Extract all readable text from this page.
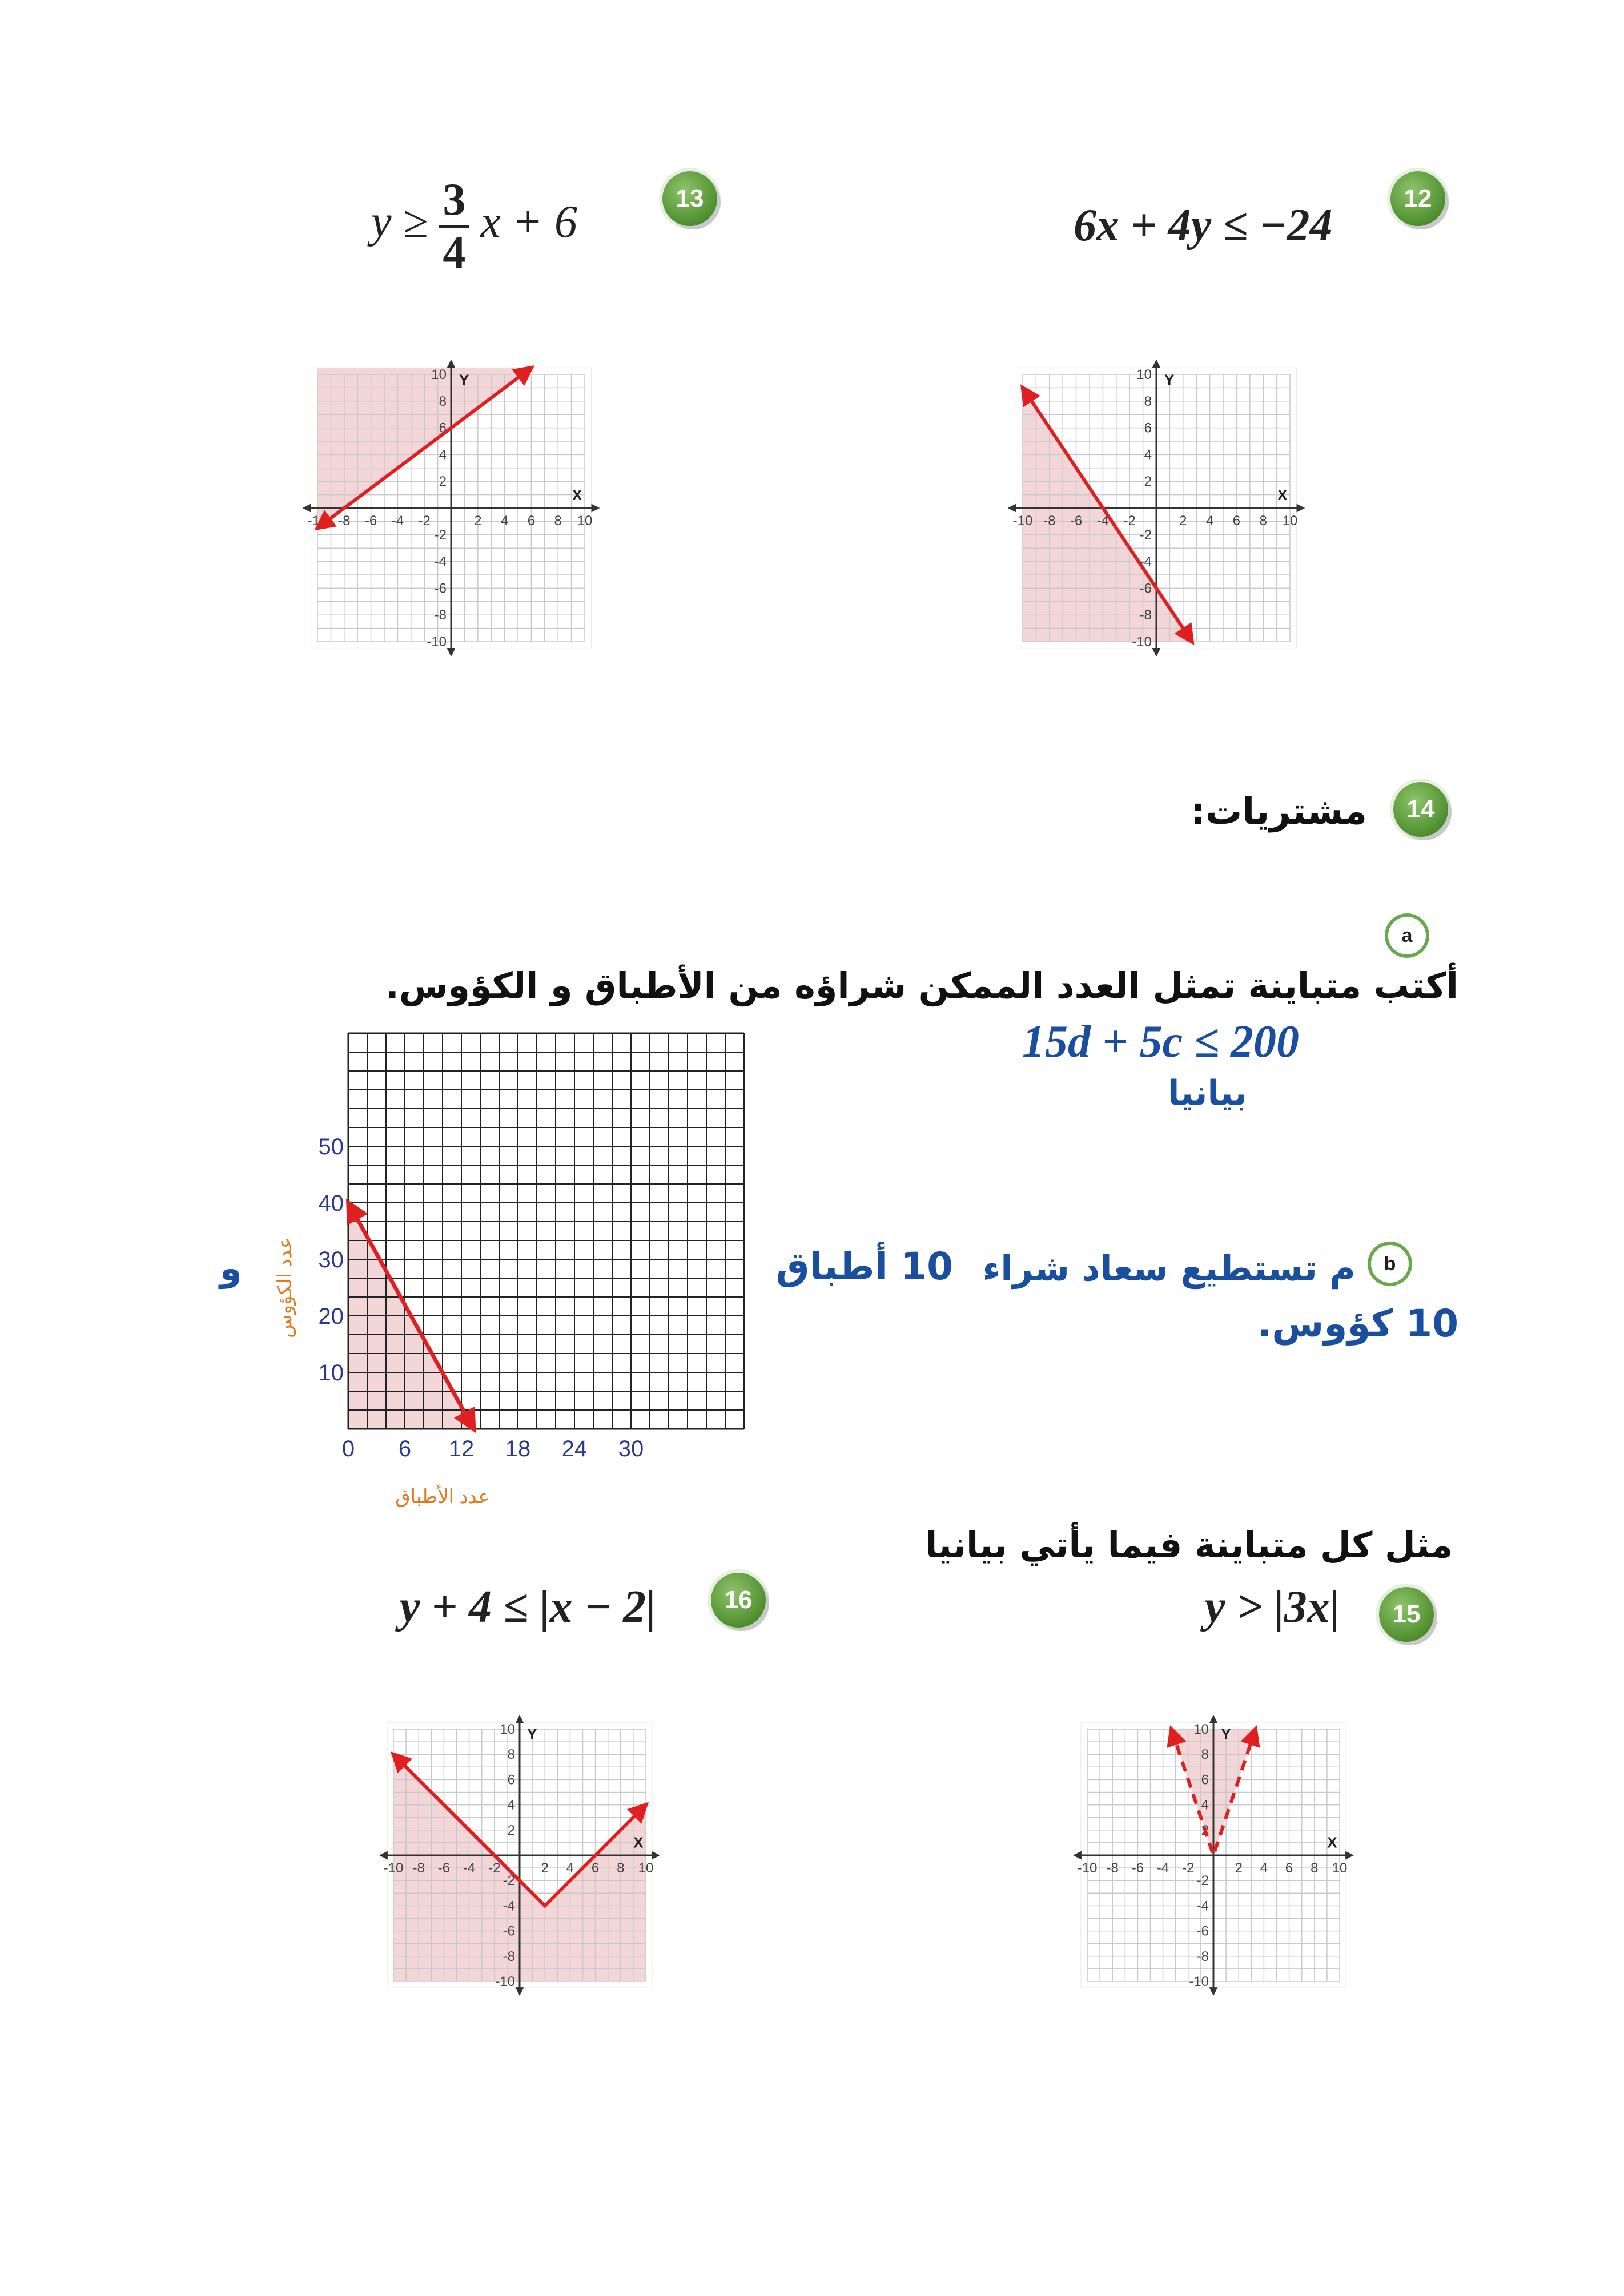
13
$y \ge \frac{3}{4}$ x + 6	12
6x + 4y ≤ −24
-10 -8 -6 -4 -2	2 4 6 8 10
10
8
6
4
2
-2
-4
-6
-8
-10
X
Y
-10 -8 -6 -4 -2	2 4 6 8 10
10
8
6
4
2
-2
-4
-6
-8
-10
X
Y
14
مشتريات:
a
أكتب متباينة تمثل العدد الممكن شراؤه من الأطباق و الكؤوس.
15d + 5c ≤ 200
بيانيا
0 6 12 18 24 30
10
20
30
40
50
عدد الأطباق
عدد الكؤوس	b
م تستطيع سعاد شراء
10 أطباق
و
10 كؤوس.
مثل كل متباينة فيما يأتي بيانيا
16
y + 4 ≤ |x − 2|	15
y > |3x|
-10 -8 -6 -4 -2	2 4 6 8 10
10
8
6
4
2
-2
-4
-6
-8
-10
X
Y
-10 -8 -6 -4 -2	2 4 6 8 10
10
8
6
4
2
-2
-4
-6
-8
-10
X
Y
